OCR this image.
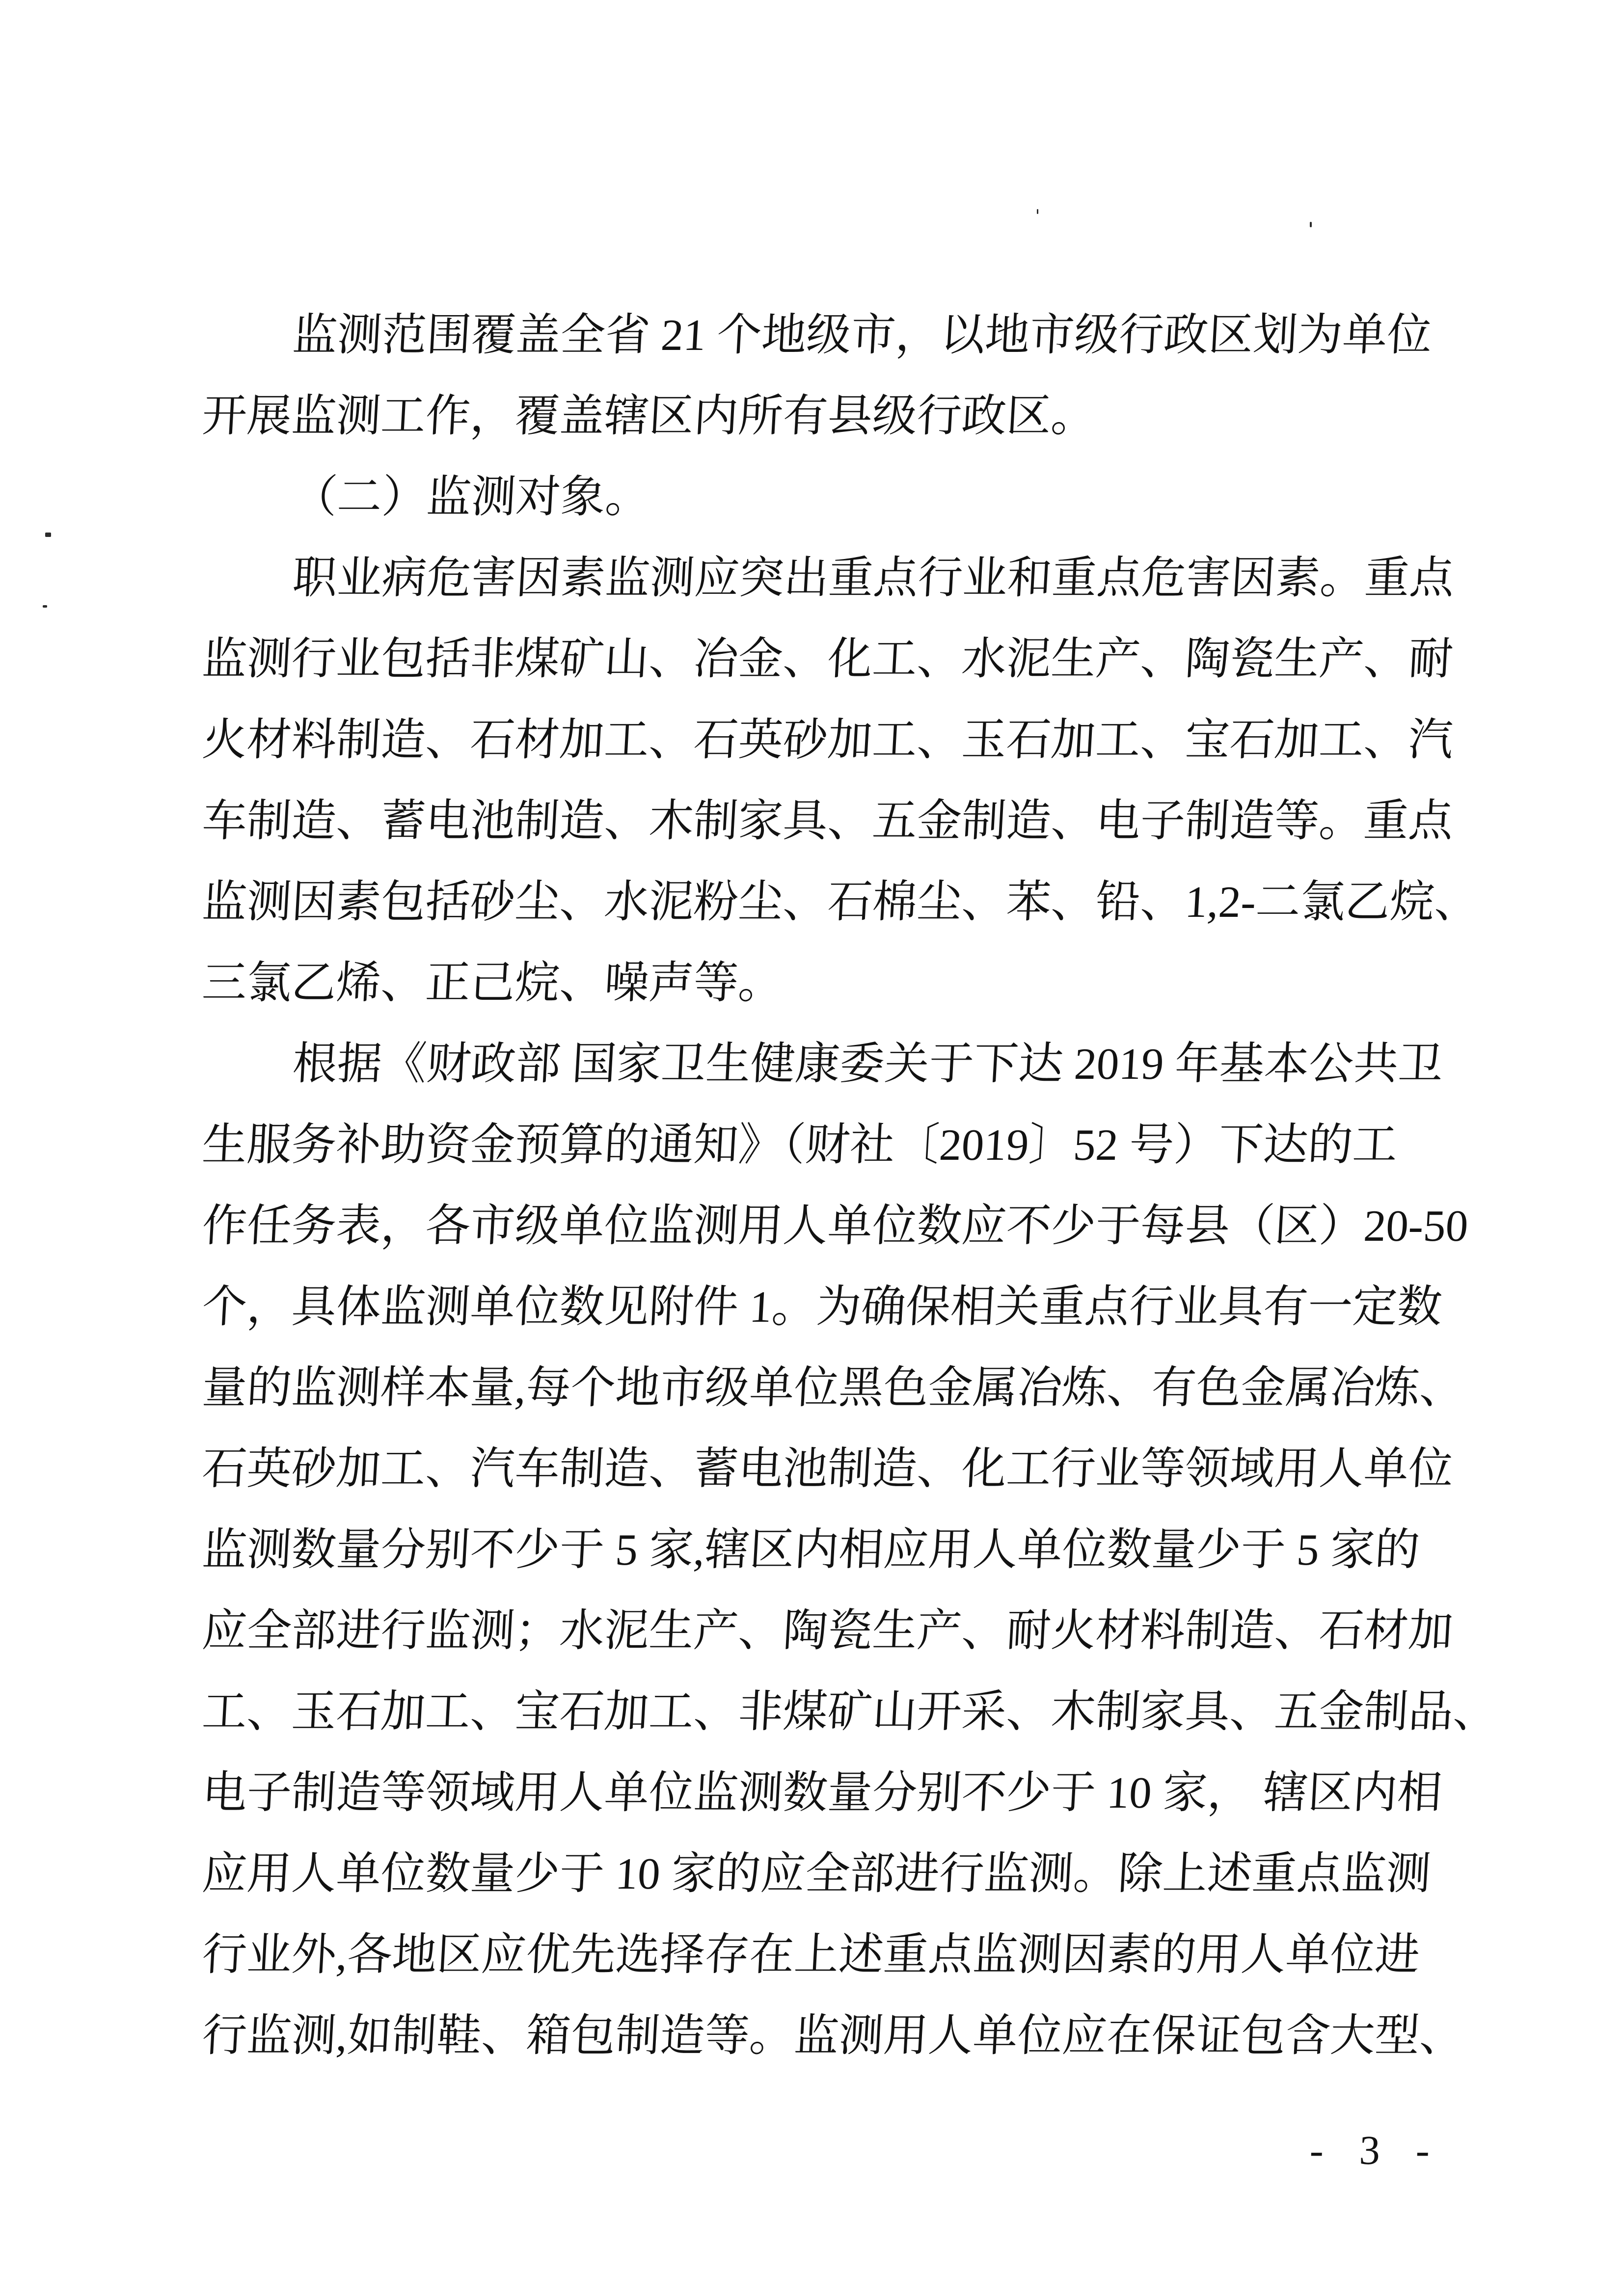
监测范围覆盖全省 21 个地级市，以地市级行政区划为单位
开展监测工作，覆盖辖区内所有县级行政区。
（二）监测对象。
职业病危害因素监测应突出重点行业和重点危害因素。重点
监测行业包括非煤矿山、冶金、化工、水泥生产、陶瓷生产、耐
火材料制造、石材加工、石英砂加工、玉石加工、宝石加工、汽
车制造、蓄电池制造、木制家具、五金制造、电子制造等。重点
监测因素包括砂尘、水泥粉尘、石棉尘、苯、铅、1,2-二氯乙烷、
三氯乙烯、正己烷、噪声等。
根据《财政部 国家卫生健康委关于下达 2019 年基本公共卫
生服务补助资金预算的通知》（财社〔2019〕52 号）下达的工
作任务表，各市级单位监测用人单位数应不少于每县（区）20-50
个，具体监测单位数见附件 1。为确保相关重点行业具有一定数
量的监测样本量,每个地市级单位黑色金属冶炼、有色金属冶炼、
石英砂加工、汽车制造、蓄电池制造、化工行业等领域用人单位
监测数量分别不少于 5 家,辖区内相应用人单位数量少于 5 家的
应全部进行监测；水泥生产、陶瓷生产、耐火材料制造、石材加
工、玉石加工、宝石加工、非煤矿山开采、木制家具、五金制品、
电子制造等领域用人单位监测数量分别不少于 10 家， 辖区内相
应用人单位数量少于 10 家的应全部进行监测。除上述重点监测
行业外,各地区应优先选择存在上述重点监测因素的用人单位进
行监测,如制鞋、箱包制造等。监测用人单位应在保证包含大型、
- 3 -
